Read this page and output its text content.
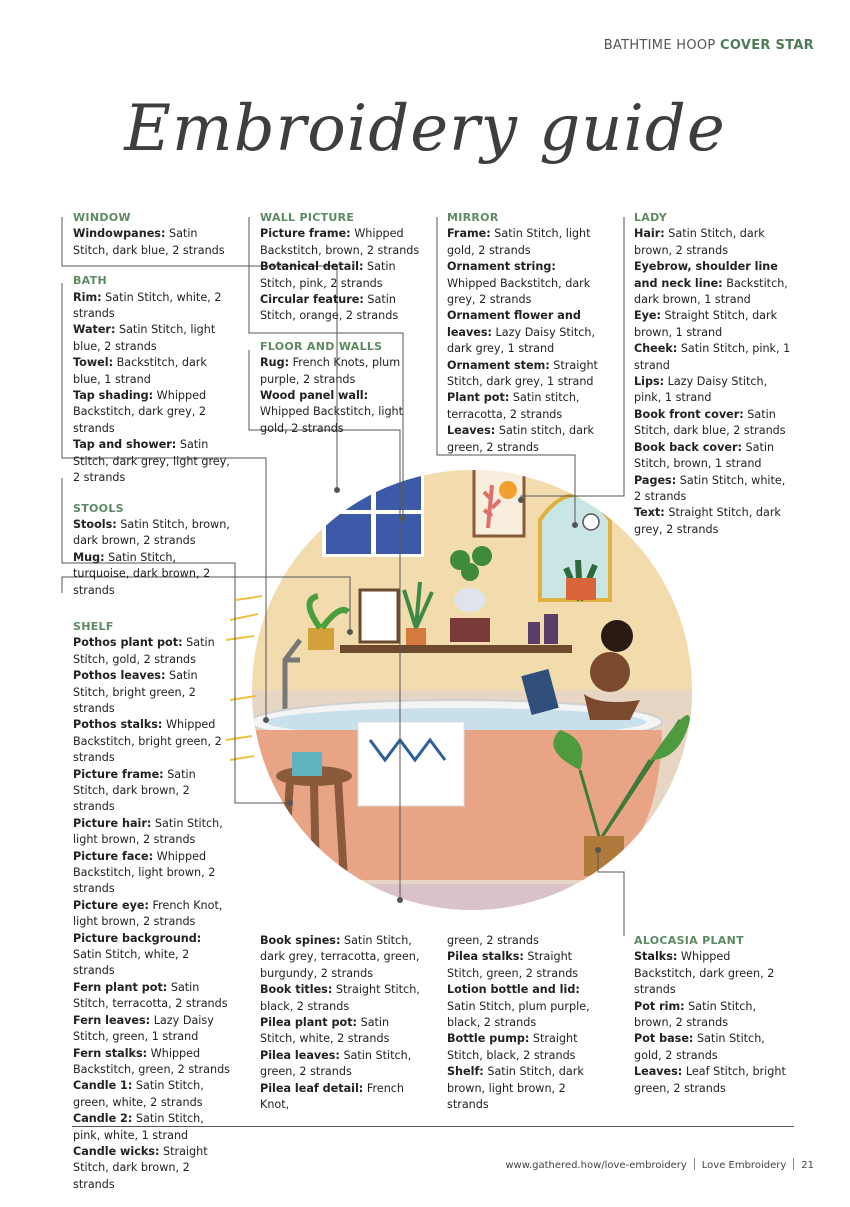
BATHTIME HOOP COVER STAR
Embroidery guide
WINDOW
Windowpanes: Satin Stitch, dark blue, 2 strands
BATH
Rim: Satin Stitch, white, 2 strands
Water: Satin Stitch, light blue, 2 strands
Towel: Backstitch, dark blue, 1 strand
Tap shading: Whipped Backstitch, dark grey, 2 strands
Tap and shower: Satin Stitch, dark grey, light grey, 2 strands
STOOLS
Stools: Satin Stitch, brown, dark brown, 2 strands
Mug: Satin Stitch, turquoise, dark brown, 2 strands
SHELF
Pothos plant pot: Satin Stitch, gold, 2 strands
Pothos leaves: Satin Stitch, bright green, 2 strands
Pothos stalks: Whipped Backstitch, bright green, 2 strands
Picture frame: Satin Stitch, dark brown, 2 strands
Picture hair: Satin Stitch, light brown, 2 strands
Picture face: Whipped Backstitch, light brown, 2 strands
Picture eye: French Knot, light brown, 2 strands
Picture background: Satin Stitch, white, 2 strands
Fern plant pot: Satin Stitch, terracotta, 2 strands
Fern leaves: Lazy Daisy Stitch, green, 1 strand
Fern stalks: Whipped Backstitch, green, 2 strands
Candle 1: Satin Stitch, green, white, 2 strands
Candle 2: Satin Stitch, pink, white, 1 strand
Candle wicks: Straight Stitch, dark brown, 2 strands
WALL PICTURE
Picture frame: Whipped Backstitch, brown, 2 strands
Botanical detail: Satin Stitch, pink, 2 strands
Circular feature: Satin Stitch, orange, 2 strands
FLOOR AND WALLS
Rug: French Knots, plum purple, 2 strands
Wood panel wall: Whipped Backstitch, light gold, 2 strands
MIRROR
Frame: Satin Stitch, light gold, 2 strands
Ornament string: Whipped Backstitch, dark grey, 2 strands
Ornament flower and leaves: Lazy Daisy Stitch, dark grey, 1 strand
Ornament stem: Straight Stitch, dark grey, 1 strand
Plant pot: Satin stitch, terracotta, 2 strands
Leaves: Satin stitch, dark green, 2 strands
LADY
Hair: Satin Stitch, dark brown, 2 strands
Eyebrow, shoulder line and neck line: Backstitch, dark brown, 1 strand
Eye: Straight Stitch, dark brown, 1 strand
Cheek: Satin Stitch, pink, 1 strand
Lips: Lazy Daisy Stitch, pink, 1 strand
Book front cover: Satin Stitch, dark blue, 2 strands
Book back cover: Satin Stitch, brown, 1 strand
Pages: Satin Stitch, white, 2 strands
Text: Straight Stitch, dark grey, 2 strands
Book spines: Satin Stitch, dark grey, terracotta, green, burgundy, 2 strands
Book titles: Straight Stitch, black, 2 strands
Pilea plant pot: Satin Stitch, white, 2 strands
Pilea leaves: Satin Stitch, green, 2 strands
Pilea leaf detail: French Knot,
green, 2 strands
Pilea stalks: Straight Stitch, green, 2 strands
Lotion bottle and lid: Satin Stitch, plum purple, black, 2 strands
Bottle pump: Straight Stitch, black, 2 strands
Shelf: Satin Stitch, dark brown, light brown, 2 strands
ALOCASIA PLANT
Stalks: Whipped Backstitch, dark green, 2 strands
Pot rim: Satin Stitch, brown, 2 strands
Pot base: Satin Stitch, gold, 2 strands
Leaves: Leaf Stitch, bright green, 2 strands
www.gathered.how/love-embroidery Love Embroidery 21
